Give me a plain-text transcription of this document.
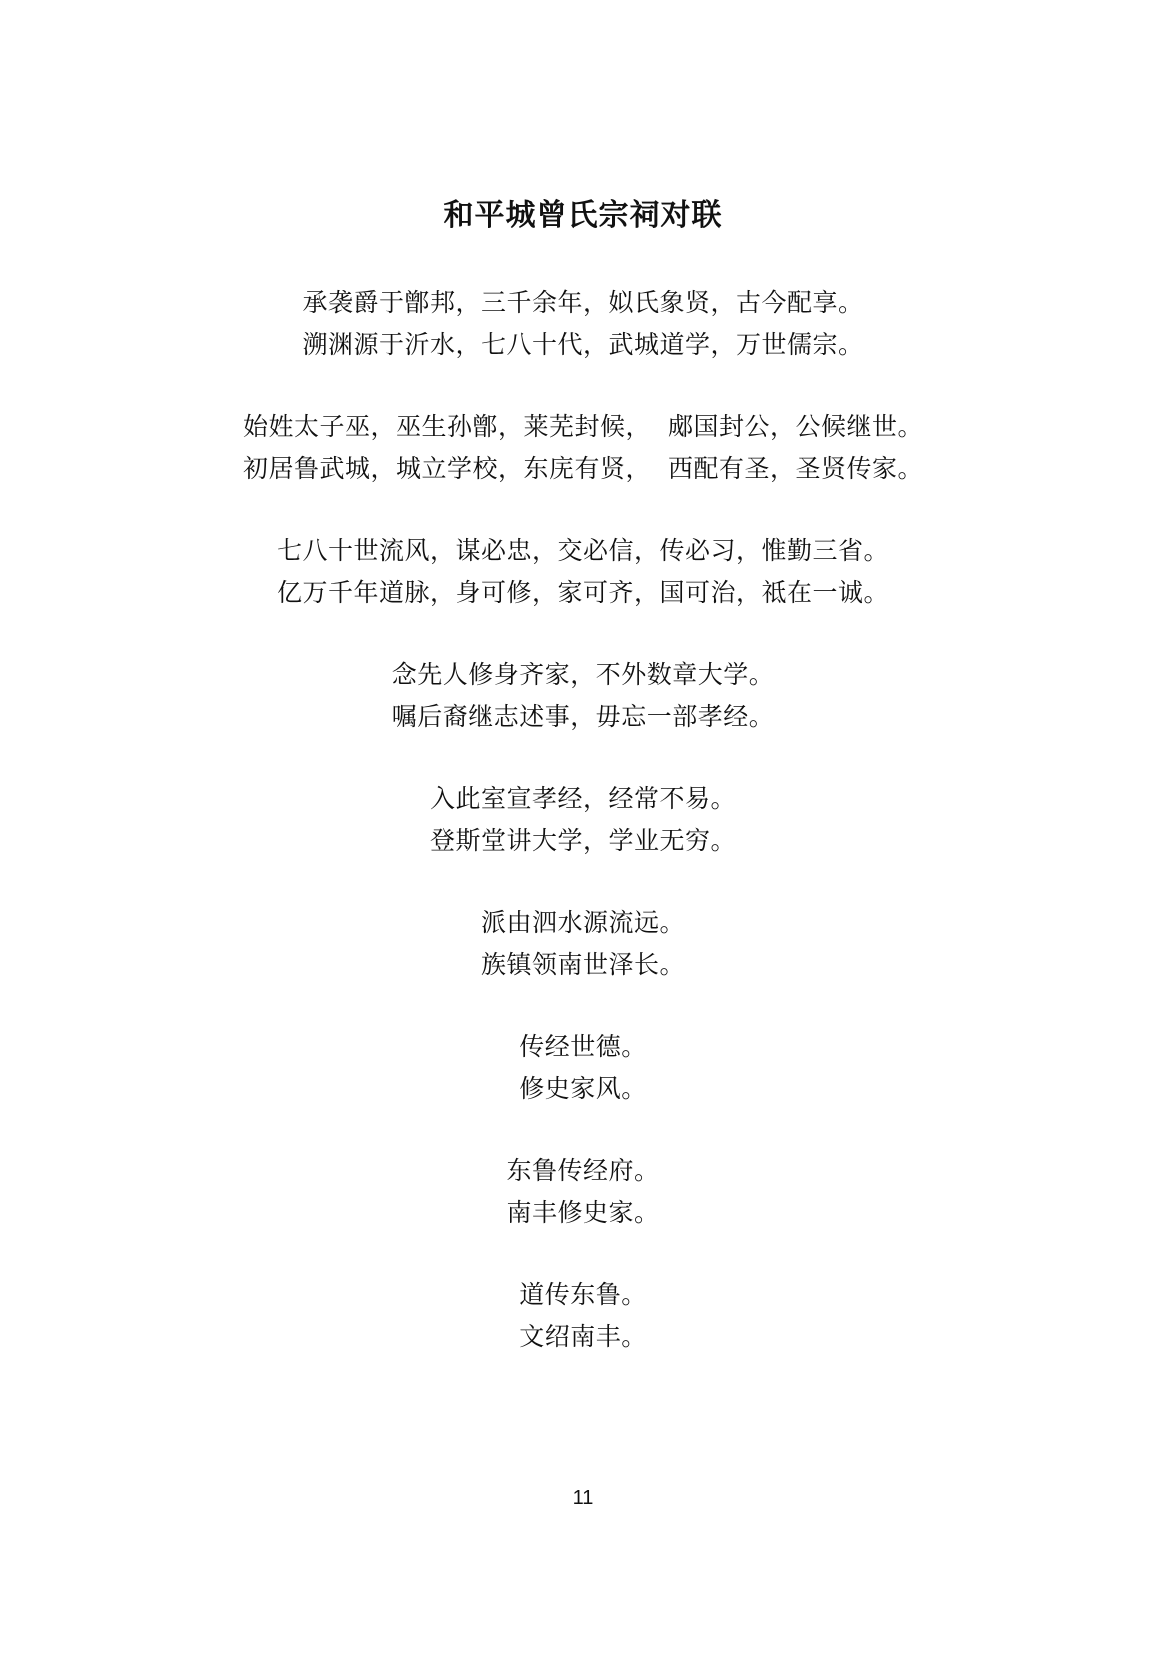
和平城曾氏宗祠对联
承袭爵于鄫邦，三千余年，姒氏象贤，古今配享。
溯渊源于沂水，七八十代，武城道学，万世儒宗。
始姓太子巫，巫生孙鄫，莱芜封候，  郕国封公，公候继世。
初居鲁武城，城立学校，东庑有贤，  西配有圣，圣贤传家。
七八十世流风，谋必忠，交必信，传必习，惟勤三省。
亿万千年道脉，身可修，家可齐，国可治，祗在一诚。
念先人修身齐家，不外数章大学。
嘱后裔继志述事，毋忘一部孝经。
入此室宣孝经，经常不易。
登斯堂讲大学，学业无穷。
派由泗水源流远。
族镇领南世泽长。
传经世德。
修史家风。
东鲁传经府。
南丰修史家。
道传东鲁。
文绍南丰。
11
